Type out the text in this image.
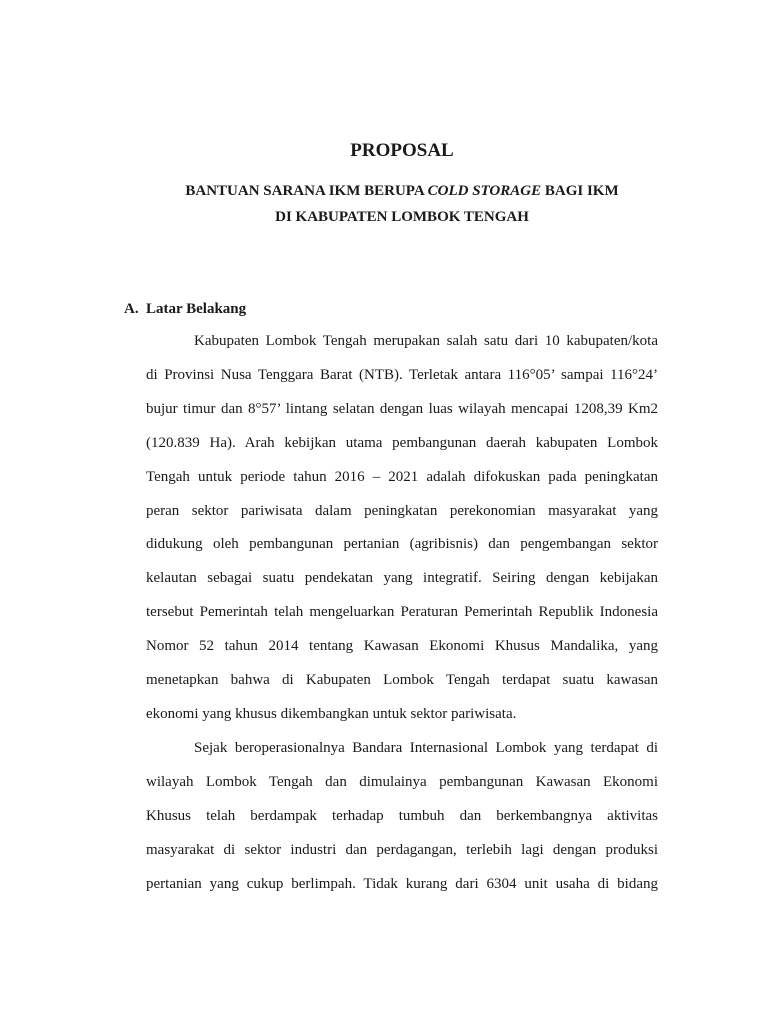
PROPOSAL

BANTUAN SARANA IKM BERUPA COLD STORAGE BAGI IKM

DI KABUPATEN LOMBOK TENGAH

A. Latar Belakang
Kabupaten Lombok Tengah merupakan salah satu dari 10 kabupaten/kota
di Provinsi Nusa Tenggara Barat (NTB). Terletak antara 116°05’ sampai 116°24’
bujur timur dan 8°57’ lintang selatan dengan luas wilayah mencapai 1208,39 Km2
(120.839 Ha). Arah kebijkan utama pembangunan daerah kabupaten Lombok
Tengah untuk periode tahun 2016 – 2021 adalah difokuskan pada peningkatan
peran sektor pariwisata dalam peningkatan perekonomian masyarakat yang
didukung oleh pembangunan pertanian (agribisnis) dan pengembangan sektor
kelautan sebagai suatu pendekatan yang integratif. Seiring dengan kebijakan
tersebut Pemerintah telah mengeluarkan Peraturan Pemerintah Republik Indonesia
Nomor 52 tahun 2014 tentang Kawasan Ekonomi Khusus Mandalika, yang
menetapkan bahwa di Kabupaten Lombok Tengah terdapat suatu kawasan
ekonomi yang khusus dikembangkan untuk sektor pariwisata.
Sejak beroperasionalnya Bandara Internasional Lombok yang terdapat di
wilayah Lombok Tengah dan dimulainya pembangunan Kawasan Ekonomi
Khusus telah berdampak terhadap tumbuh dan berkembangnya aktivitas
masyarakat di sektor industri dan perdagangan, terlebih lagi dengan produksi
pertanian yang cukup berlimpah. Tidak kurang dari 6304 unit usaha di bidang
